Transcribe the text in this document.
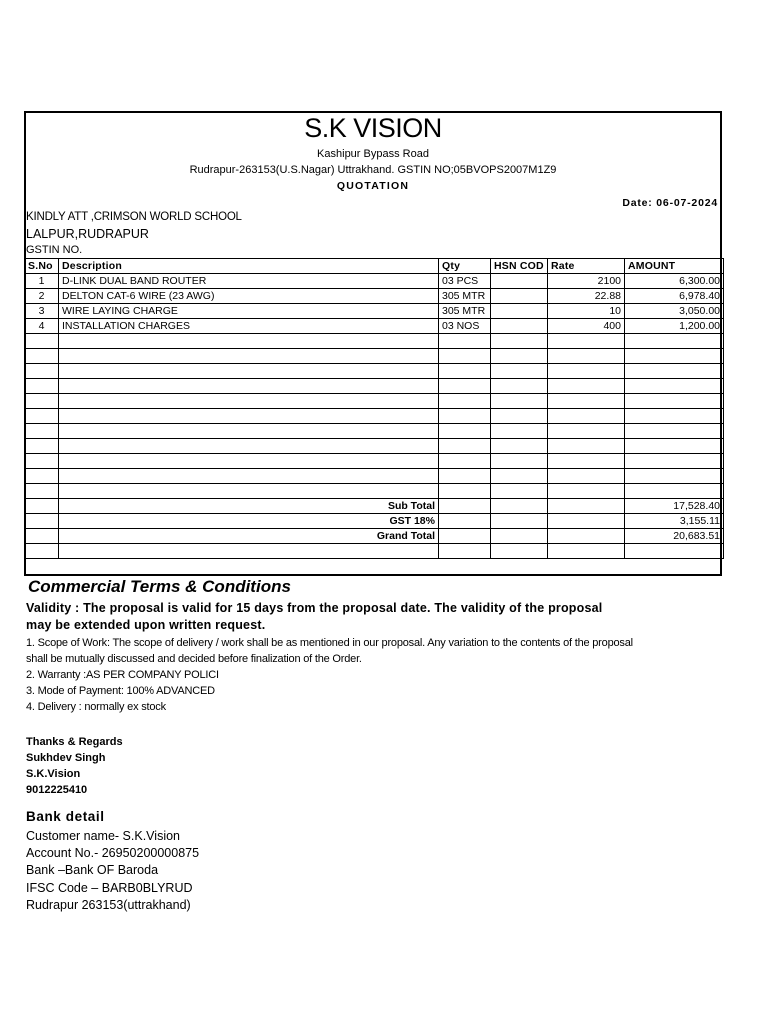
S.K VISION
Kashipur Bypass Road
Rudrapur-263153(U.S.Nagar) Uttrakhand. GSTIN NO;05BVOPS2007M1Z9
QUOTATION
Date: 06-07-2024
KINDLY ATT ,CRIMSON WORLD SCHOOL
LALPUR,RUDRAPUR
GSTIN NO.
S.No	Description	Qty	HSN COD	Rate	AMOUNT
1	D-LINK DUAL BAND ROUTER	03 PCS		2100	6,300.00
2	DELTON CAT-6 WIRE (23 AWG)	305 MTR		22.88	6,978.40
3	WIRE LAYING CHARGE	305 MTR		10	3,050.00
4	INSTALLATION CHARGES	03 NOS		400	1,200.00

	Sub Total				17,528.40
	GST 18%				3,155.11
	Grand Total				20,683.51

Commercial Terms & Conditions
Validity : The proposal is valid for 15 days from the proposal date. The validity of the proposal
may be extended upon written request.
1. Scope of Work: The scope of delivery / work shall be as mentioned in our proposal. Any variation to the contents of the proposal
shall be mutually discussed and decided before finalization of the Order.
2. Warranty :AS PER COMPANY POLICI
3. Mode of Payment: 100% ADVANCED
4. Delivery : normally ex stock
Thanks & Regards
Sukhdev Singh
S.K.Vision
9012225410
Bank detail
Customer name- S.K.Vision
Account No.- 26950200000875
Bank –Bank OF Baroda
IFSC Code – BARB0BLYRUD
Rudrapur 263153(uttrakhand)
